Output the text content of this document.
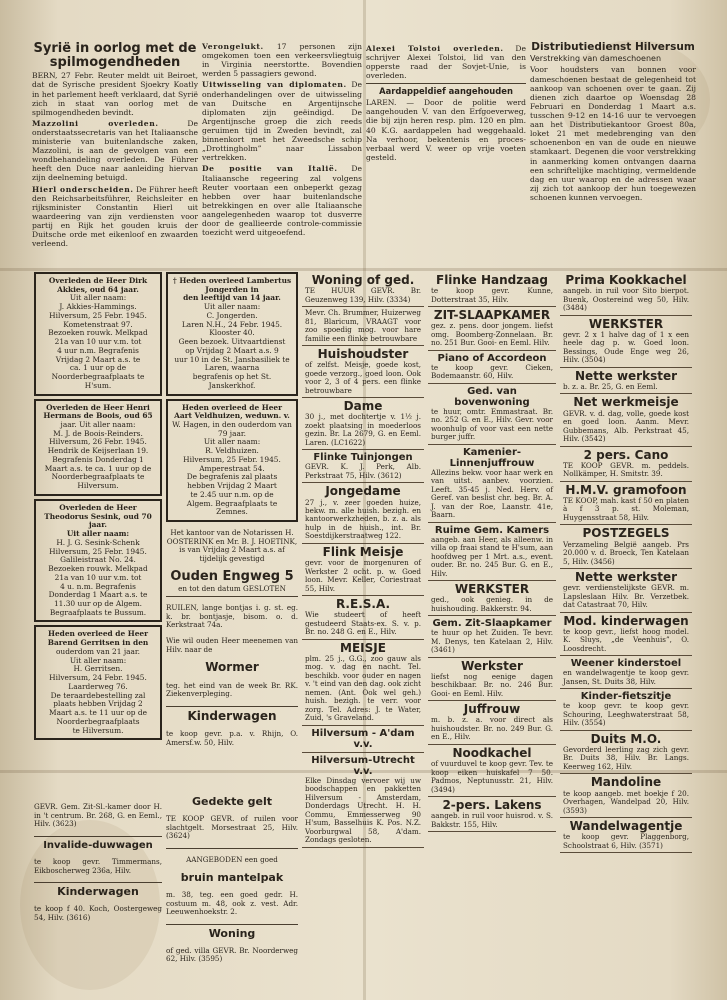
Syrië in oorlog met de spilmogendheden

BERN, 27 Febr. Reuter meldt uit Beiroet, dat de Syrische president Sjoekry Koatly in het parlement heeft verklaard, dat Syrië zich in staat van oorlog met de spilmogendheden bevindt.

Mazzolini overleden.	De onderstaatssecretaris van het Italiaansche ministerie van buitenlandsche zaken, Mazzolini, is aan de gevolgen van een wondbehandeling overleden. De Führer heeft den Duce naar aanleiding hiervan zijn deelneming betuigd.

Hierl onderscheiden. De Führer heeft den Reichsarbeitsführer, Reichsleiter en rijksminister Constantin Hierl uit waardeering van zijn verdiensten voor partij en Rijk het gouden kruis der Duitsche orde met eikenloof en zwaarden verleend.

Verongelukt. 17 personen zijn omgekomen toen een verkeersvliegtuig in Virginia neerstortte. Bovendien werden 5 passagiers gewond.

Uitwisseling van diplomaten. De onderhandelingen over de uitwisseling van Duitsche en Argentijnsche diplomaten zijn geëindigd. De Argentijnsche groep die zich reeds geruimen tijd in Zweden bevindt, zal binnenkort met het Zweedsche schip „Drottingholm” naar Lissabon vertrekken.

De positie van Italië. De Italiaansche regeering zal volgens Reuter voortaan een onbeperkt gezag hebben over haar buitenlandsche betrekkingen en over alle Italiaansche aangelegenheden waarop tot dusverre door de geallieerde controle-commissie toezicht werd uitgeoefend.

Alexei Tolstoi overleden. De schrijver Alexei Tolstoi, lid van den opperste raad der Sovjet-Unie, is overleden.

Aardappeldief aangehouden

LAREN. — Door de politie werd aangehouden V. van den Erfgoeverweg, die bij zijn heren resp. plm. 120 en plm. 40 K.G. aardappelen had weggehaald. Na verhoor, bekentenis en proces-verbaal werd V. weer op vrije voeten gesteld.

Distributiedienst Hilversum
Verstrekking van dameschoenen

Voor houdsters van bonnen voor dameschoenen bestaat de gelegenheid tot aankoop van schoenen over te gaan. Zij dienen zich daartoe op Woensdag 28 Februari en Donderdag 1 Maart a.s. tusschen 9-12 en 14-16 uur te vervoegen aan het Distributiekantoor Groest 80a, loket 21 met medebrenging van den schoenenbon en van de oude en nieuwe stamkaart. Degenen die voor verstrekking in aanmerking komen ontvangen daarna een schriftelijke machtiging, vermeldende dag en uur waarop en de adressen waar zij zich tot aankoop der hun toegewezen schoenen kunnen vervoegen.

Overleden de Heer Dirk
Akkies, oud 64 jaar.
Uit aller naam:
J. Akkies-Hammings.
Hilversum, 25 Febr. 1945.
Kometenstraat 97.
Bezoeken rouwk. Melkpad
21a van 10 uur v.m. tot
4 uur n.m. Begrafenis
Vrijdag 2 Maart a.s. te
ca. 1 uur op de Noorderbegraafplaats te H'sum.
Overleden de Heer Henri
Hermans de Boois, oud 65
jaar. Uit aller naam:
M. J. de Boois-Reinders.
Hilversum, 26 Febr. 1945.
Hendrik de Keijserlaan 19.
Begrafenis Donderdag 1
Maart a.s. te ca. 1 uur op de
Noorderbegraafplaats te Hilversum.
Overleden de Heer Theodorus Sesink, oud 70 jaar.
Uit aller naam:
H. J. G. Sesink-Schenk
Hilversum, 25 Febr. 1945.
Galileistraat No. 24.
Bezoeken rouwk. Melkpad
21a van 10 uur v.m. tot
4 u. n.m. Begrafenis Donderdag 1 Maart a.s. te
11.30 uur op de Algem.
Begraafplaats te Bussum.
Heden overleed de Heer
Barend Gerritsen in den
ouderdom van 21 jaar.
Uit aller naam:
H. Gerritsen.
Hilversum, 24 Febr. 1945.
Laarderweg 76.
De teraardebestelling zal
plaats hebben Vrijdag 2
Maart a.s. te 11 uur op de
Noorderbegraafplaats
te Hilversum.
† Heden overleed Lambertus Jongerden in
den leeftijd van 14 jaar.
Uit aller naam:
C. Jongerden.
Laren N.H., 24 Febr. 1945.
Klooster 40.
Geen bezoek. Uitvaartdienst
op Vrijdag 2 Maart a.s. 9
uur 10 in de St. Jansbasiliek te Laren, waarna
begrafenis op het St. Janskerkhof.
Heden overleed de Heer
Aart Veldhuizen, weduwn. v.
W. Hagen, in den ouderdom van 79 jaar.
Uit aller naam:
R. Veldhuizen.
Hilversum, 25 Febr. 1945.
Amperestraat 54.
De begrafenis zal plaats
hebben Vrijdag 2 Maart
te 2.45 uur n.m. op de
Algem. Begraafplaats te
Zemnes.

Het kantoor van de Notarissen H. OOSTERINK en Mr. B. J. HOETINK, is van Vrijdag 2 Maart a.s. af tijdelijk gevestigd

Ouden Engweg 5
en tot den datum GESLOTEN

RUILEN, lange bontjas i. g. st. eg. k. br. bontjasje, bisom. o. d. Kerkstraat 74a.

Wie wil ouden Heer meenemen van Hilv. naar de

Wormer

teg. het eind van de week Br. RK. Ziekenverpleging.

Kinderwagen

te koop gevr. p.a. v. Rhijn, O. Amersf.w. 50, Hilv.

GEVR. Gem. Zit-Sl.-kamer door H. in 't centrum. Br. 268, G. en Eeml., Hilv. (3623)

Invalide-duwwagen

te koop gevr. Timmermans, Eikboscherweg 236a, Hilv.

Kinderwagen

te koop f 40. Koch, Oostergeweg 54, Hilv. (3616)

Gedekte gelt

TE KOOP GEVR. of ruilen voor slachtgelt. Morsestraat 25, Hilv. (3624)

AANGEBODEN een goed

bruin mantelpak

m. 38, teg. een goed gedr. H. costuum m. 48, ook z. vest. Adr. Leeuwenhoekstr. 2.

Woning

of ged. villa GEVR. Br. Noorderweg 62, Hilv. (3595)

Woning of ged.
TE HUUR GEVR. Br. Geuzenweg 139, Hilv. (3334)
Mevr. Ch. Brummer, Huizerweg 81, Blaricum, VRAAGT voor zoo spoedig mog. voor hare familie een flinke betrouwbare
Huishoudster
of zelfst. Meisje, goede kost, goede verzorg., goed loon. Ook voor 2, 3 of 4 pers. een flinke betrouwbare
Dame
30 j., met dochtertje v. 1½ j. zoekt plaatsing in moederloos gezin. Br. La 2679, G. en Eeml. Laren. (LC1622)
Flinke Tuinjongen
GEVR. K. J. Perk, Alb. Perkstraat 75, Hilv. (3612)
Jongedame
27 j., v. zeer goeden huize, bekw. m. alle huish. bezigh. en kantoorwerkzheden, b. z. a. als hulp in de huish., int. Br. Soestdijkerstraatweg 122.
Flink Meisje
gevr. voor de morgenuren of Werkster 2 ocht. p. w. Goed loon. Mevr. Keller, Coriestraat 55, Hilv.
R.E.S.A.
Wie studeert of heeft gestudeerd Staats-ex. S. v. p. Br. no. 248 G. en E., Hilv.
MEISJE
plm. 25 j., G.G., zoo gauw als mog. v. dag en nacht. Tel. beschikb. voor ouder en nagen v. 't eind van den dag. ook zicht nemen. (Ant. Ook wel geh.) huish. bezigh. te verr. voor zorg. Tel. Adres: J. te Water, Zuid, 's Graveland.
Hilversum - A'dam v.v.
Hilversum-Utrecht v.v.
Elke Dinsdag vervoer wij uw boodschappen en pakketten Hilversum - Amsterdam, Donderdags Utrecht. H. H. Commu, Emmesserweg 90 H'sum, Basselhuis K. Pos. N.Z. Voorburgwal 58, A'dam. Zondags gesloten.
Flinke Handzaag
te koop gevr. Kunne, Dotterstraat 35, Hilv.
ZIT-SLAAPKAMER
gez. z. pens. door jongem. liefst omg. Boomberg-Zonnelaan. Br. no. 251 Bur. Gooi- en Eeml. Hilv.
Piano of Accordeon
te koop gevr. Cieken, Bodemaanstr. 60, Hilv.
Ged. van bovenwoning
te huur, omtr. Emmastraat. Br. no. 252 G. en E., Hilv. Gevr. voor woonhulp of voor vast een nette burger juffr.
Kamenier-Linnenjuffrouw
Allezins bekw. voor haar werk en van uitst. aanbev. voorzien. Leeft. 35-45 j. Ned. Herv. of Geref. van beslist chr. beg. Br. A. J. van der Roe, Laanstr. 41e, Baarn.
Ruime Gem. Kamers
aangeb. aan Heer, als alleenw. in villa op fraai stand te H'sum, aan hoofdweg per 1 Mrt. a.s., event. ouder. Br. no. 245 Bur. G. en E., Hilv.
WERKSTER
ged., ook genieg. in de huishouding. Bakkerstr. 94.
Gem. Zit-Slaapkamer
te huur op het Zuiden. Te bevr. M. Denys, ten Katelaan 2, Hilv. (3461)
Werkster
liefst nog eenige dagen beschikbaar. Br. no. 246 Bur. Gooi- en Eeml. Hilv.
Juffrouw
m. b. z. a. voor direct als huishoudster. Br. no. 249 Bur. G. en E., Hilv.
Noodkachel
of vuurduvel te koop gevr. Tev. te koop eiken huiskafel 7 50. Padmos, Neptunusstr. 21, Hilv. (3494)
2-pers. Lakens
aangeb. in ruil voor huisrod. v. S. Bakkstr. 155, Hilv.
Prima Kookkachel
aangeb. in ruil voor Sito bierpot. Buenk, Oostereind weg 50, Hilv. (3484)
WERKSTER
gevr. 2 x 1 halve dag of 1 x een heele dag p. w. Goed loon. Bessings, Oude Enge weg 26, Hilv. (3504)
Nette werkster
b. z. a. Br. 25, G. en Eeml.
Net werkmeisje
GEVR. v. d. dag, volle, goede kost en goed loon. Aanm. Mevr. Gubbemans, Alb. Perkstraat 45, Hilv. (3542)
2 pers. Cano
TE KOOP GEVR. m. peddels. Nollkämper, H. Smitstr. 39.
H.M.V. gramofoon
TE KOOP, mah. kast f 50 en platen à f 3 p. st. Moleman, Huygensstraat 58, Hilv.
POSTZEGELS
Verzameling België aangeb. Prs 20.000 v. d. Broeck, Ten Katelaan 5, Hilv. (3456)
Nette werkster
gevr. verdienstelijkste GEVR. m. Lapsleslaan Hilv. Br. Verzetbek. dat Catastraat 70, Hilv.
Mod. kinderwagen
te koop gevr., liefst hoog model. K. Sluys, „de Veenhuis”, O. Loosdrecht.
Weener kinderstoel
en wandelwagentje te koop gevr. Jansen, St. Duits 38, Hilv.
Kinder-fietszitje
te koop gevr. te koop gevr. Schouring, Leeghwaterstraat 58, Hilv. (3554)
Duits M.O.
Gevorderd leerling zag zich gevr. Br. Duits 38, Hilv. Br. Langs. Keerweg 162, Hilv.
Mandoline
te koop aangeb. met boekje f 20. Overhagen, Wandelpad 20, Hilv. (3593)
Wandelwagentje
te koop gevr. Plaggenborg, Schoolstraat 6, Hilv. (3571)
